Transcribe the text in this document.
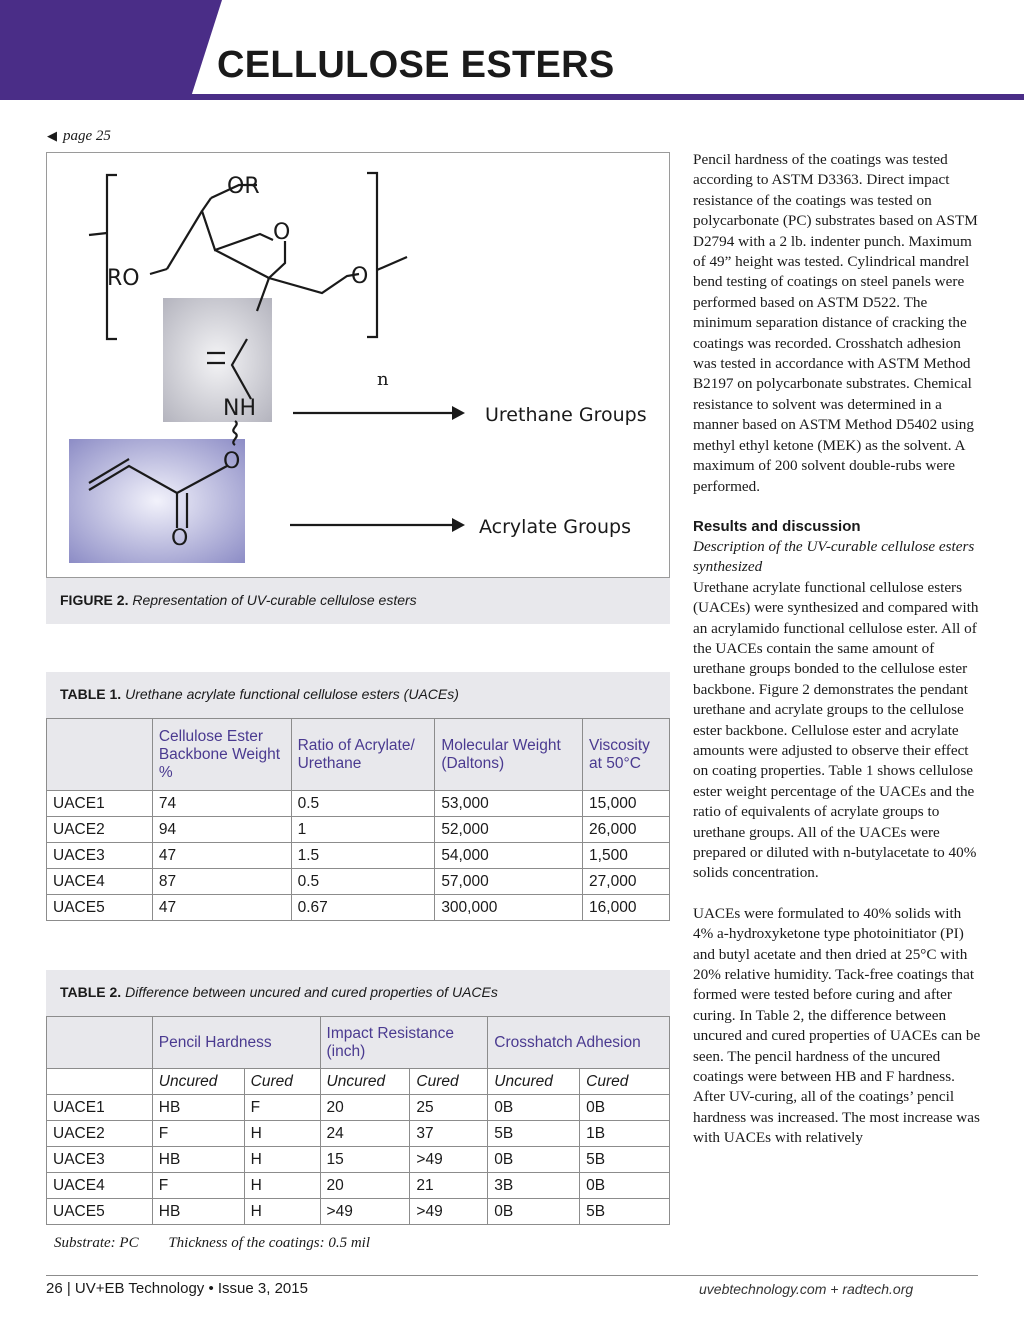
CELLULOSE ESTERS
◀ page 25
OR
RO
O
O
NH
O
O
n
Urethane Groups
Acrylate Groups
FIGURE 2. Representation of UV-curable cellulose esters
TABLE 1. Urethane acrylate functional cellulose esters (UACEs)
	Cellulose Ester Backbone Weight %	Ratio of Acrylate/ Urethane	Molecular Weight (Daltons)	Viscosity at 50°C
UACE1	74	0.5	53,000	15,000
UACE2	94	1	52,000	26,000
UACE3	47	1.5	54,000	1,500
UACE4	87	0.5	57,000	27,000
UACE5	47	0.67	300,000	16,000
TABLE 2. Difference between uncured and cured properties of UACEs
	Pencil Hardness		Impact Resistance (inch)		Crosshatch Adhesion	
	Uncured	Cured	Uncured	Cured	Uncured	Cured
UACE1	HB	F	20	25	0B	0B
UACE2	F	H	24	37	5B	1B
UACE3	HB	H	15	>49	0B	5B
UACE4	F	H	20	21	3B	0B
UACE5	HB	H	>49	>49	0B	5B
Substrate: PC Thickness of the coatings: 0.5 mil

Pencil hardness of the coatings was tested according to ASTM D3363. Direct impact resistance of the coatings was tested on polycarbonate (PC) substrates based on ASTM D2794 with a 2 lb. indenter punch. Maximum of 49” height was tested. Cylindrical mandrel bend testing of coatings on steel panels were performed based on ASTM D522. The minimum separation distance of cracking the coatings was recorded. Crosshatch adhesion was tested in accordance with ASTM Method B2197 on polycarbonate substrates. Chemical resistance to solvent was determined in a manner based on ASTM Method D5402 using methyl ethyl ketone (MEK) as the solvent. A maximum of 200 solvent double-rubs were performed.

Results and discussion
Description of the UV-curable cellulose esters synthesized

Urethane acrylate functional cellulose esters (UACEs) were synthesized and compared with an acrylamido functional cellulose ester. All of the UACEs contain the same amount of urethane groups bonded to the cellulose ester backbone. Figure 2 demonstrates the pendant urethane and acrylate groups to the cellulose ester backbone. Cellulose ester and acrylate amounts were adjusted to observe their effect on coating properties. Table 1 shows cellulose ester weight percentage of the UACEs and the ratio of equivalents of acrylate groups to urethane groups. All of the UACEs were prepared or diluted with n-butylacetate to 40% solids concentration.

UACEs were formulated to 40% solids with 4% a-hydroxyketone type photoinitiator (PI) and butyl acetate and then dried at 25°C with 20% relative humidity. Tack-free coatings that formed were tested before curing and after curing. In Table 2, the difference between uncured and cured properties of UACEs can be seen. The pencil hardness of the uncured coatings were between HB and F hardness. After UV-curing, all of the coatings’ pencil hardness was increased. The most increase was with UACEs with relatively

26 | UV+EB Technology • Issue 3, 2015	uvebtechnology.com + radtech.org
